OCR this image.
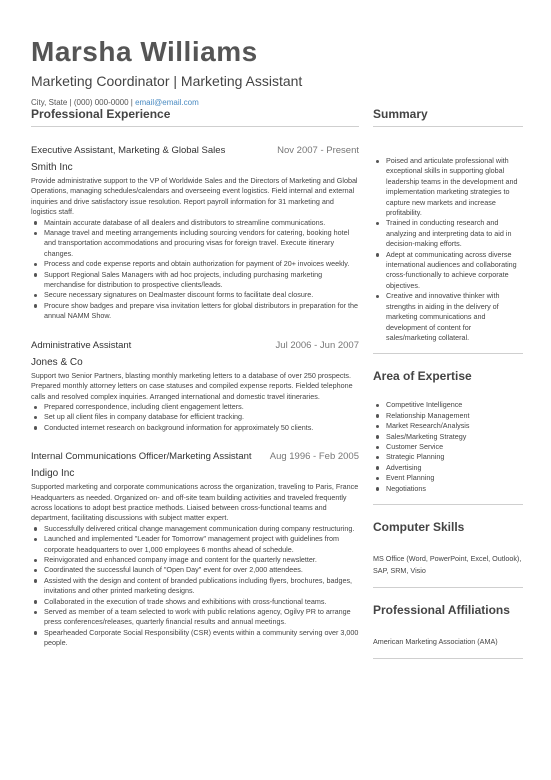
Marsha Williams
Marketing Coordinator | Marketing Assistant
City, State | (000) 000-0000 | email@email.com
Professional Experience
Executive Assistant, Marketing & Global Sales	Nov 2007 - Present
Smith Inc
Provide administrative support to the VP of Worldwide Sales and the Directors of Marketing and Global Operations, managing schedules/calendars and overseeing event logistics. Field internal and external inquiries and drive satisfactory issue resolution. Report payroll information for 31 marketing and logistics staff.
Maintain accurate database of all dealers and distributors to streamline communications.
Manage travel and meeting arrangements including sourcing vendors for catering, booking hotel and transportation accommodations and procuring visas for foreign travel. Execute itinerary changes.
Process and code expense reports and obtain authorization for payment of 20+ invoices weekly.
Support Regional Sales Managers with ad hoc projects, including purchasing marketing merchandise for distribution to prospective clients/leads.
Secure necessary signatures on Dealmaster discount forms to facilitate deal closure.
Procure show badges and prepare visa invitation letters for global distributors in preparation for the annual NAMM Show.
Administrative Assistant	Jul 2006 - Jun 2007
Jones & Co
Support two Senior Partners, blasting monthly marketing letters to a database of over 250 prospects. Prepared monthly attorney letters on case statuses and compiled expense reports. Fielded telephone calls and resolved complex inquiries. Arranged international and domestic travel itineraries.
Prepared correspondence, including client engagement letters.
Set up all client files in company database for efficient tracking.
Conducted internet research on background information for approximately 50 clients.
Internal Communications Officer/Marketing Assistant Aug 1996 - Feb 2005
Indigo Inc
Supported marketing and corporate communications across the organization, traveling to Paris, France Headquarters as needed. Organized on- and off-site team building activities and traveled frequently across locations to adopt best practice methods. Liaised between cross-functional teams and department, facilitating discussions with subject matter expert.
Successfully delivered critical change management communication during company restructuring.
Launched and implemented "Leader for Tomorrow" management project with guidelines from corporate headquarters to over 1,000 employees 6 months ahead of schedule.
Reinvigorated and enhanced company image and content for the quarterly newsletter.
Coordinated the successful launch of "Open Day" event for over 2,000 attendees.
Assisted with the design and content of branded publications including flyers, brochures, badges, invitations and other printed marketing designs.
Collaborated in the execution of trade shows and exhibitions with cross-functional teams.
Served as member of a team selected to work with public relations agency, Ogilvy PR to arrange press conferences/releases, quarterly financial results and annual meetings.
Spearheaded Corporate Social Responsibility (CSR) events within a community serving over 3,000 people.
Summary
Poised and articulate professional with exceptional skills in supporting global leadership teams in the development and implementation marketing strategies to capture new markets and increase profitability.
Trained in conducting research and analyzing and interpreting data to aid in decision-making efforts.
Adept at communicating across diverse international audiences and collaborating cross-functionally to achieve corporate objectives.
Creative and innovative thinker with strengths in aiding in the delivery of marketing communications and development of content for sales/marketing collateral.
Area of Expertise
Competitive Intelligence
Relationship Management
Market Research/Analysis
Sales/Marketing Strategy
Customer Service
Strategic Planning
Advertising
Event Planning
Negotiations
Computer Skills
MS Office (Word, PowerPoint, Excel, Outlook), SAP, SRM, Visio
Professional Affiliations
American Marketing Association (AMA)
